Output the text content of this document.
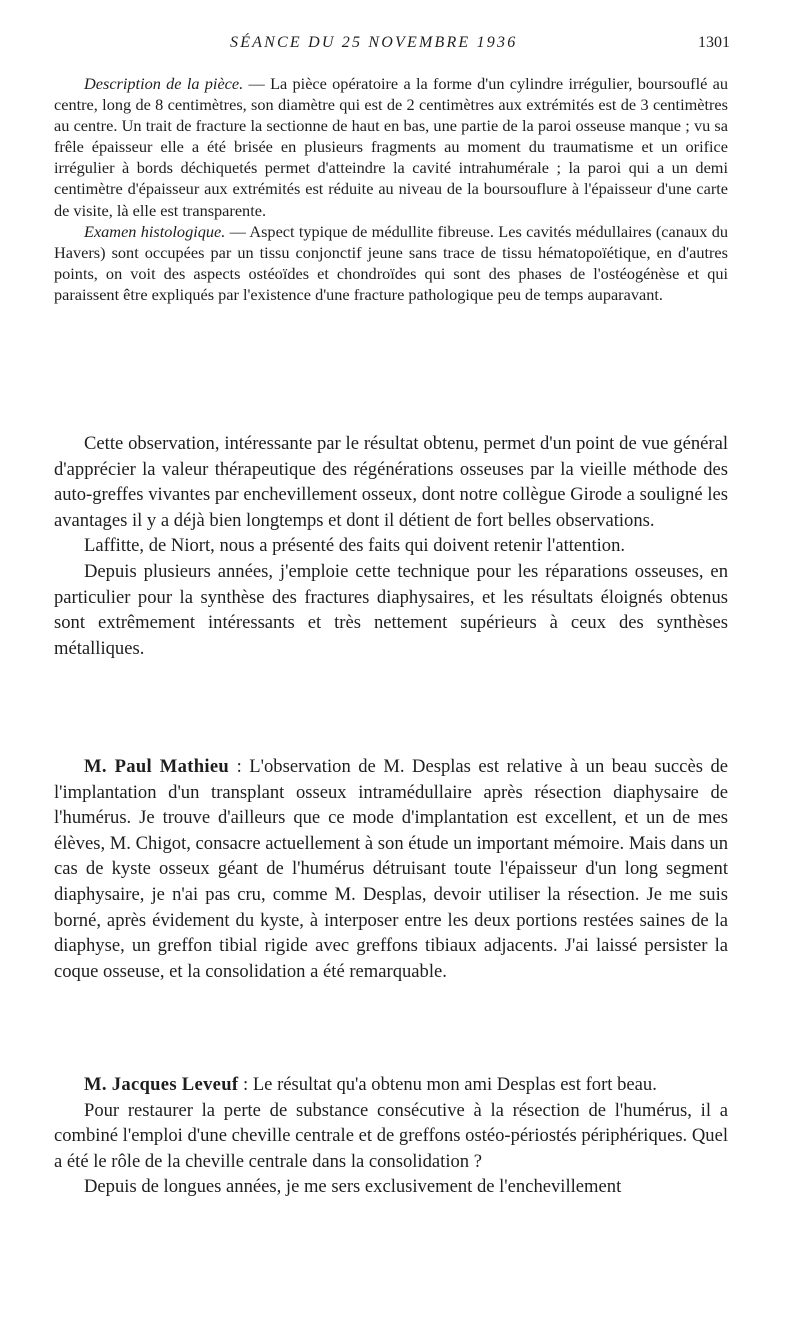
SÉANCE DU 25 NOVEMBRE 1936	1301

Description de la pièce. — La pièce opératoire a la forme d'un cylindre irrégulier, boursouflé au centre, long de 8 centimètres, son diamètre qui est de 2 centimètres aux extrémités est de 3 centimètres au centre. Un trait de fracture la sectionne de haut en bas, une partie de la paroi osseuse manque ; vu sa frêle épaisseur elle a été brisée en plusieurs fragments au moment du traumatisme et un orifice irrégulier à bords déchiquetés permet d'atteindre la cavité intrahumérale ; la paroi qui a un demi centimètre d'épaisseur aux extrémités est réduite au niveau de la boursouflure à l'épaisseur d'une carte de visite, là elle est transparente.

Examen histologique. — Aspect typique de médullite fibreuse. Les cavités médullaires (canaux du Havers) sont occupées par un tissu conjonctif jeune sans trace de tissu hématopoïétique, en d'autres points, on voit des aspects ostéoïdes et chondroïdes qui sont des phases de l'ostéogénèse et qui paraissent être expliqués par l'existence d'une fracture pathologique peu de temps auparavant.

Cette observation, intéressante par le résultat obtenu, permet d'un point de vue général d'apprécier la valeur thérapeutique des régénérations osseuses par la vieille méthode des auto-greffes vivantes par enchevillement osseux, dont notre collègue Girode a souligné les avantages il y a déjà bien longtemps et dont il détient de fort belles observations.

Laffitte, de Niort, nous a présenté des faits qui doivent retenir l'attention.

Depuis plusieurs années, j'emploie cette technique pour les réparations osseuses, en particulier pour la synthèse des fractures diaphysaires, et les résultats éloignés obtenus sont extrêmement intéressants et très nettement supérieurs à ceux des synthèses métalliques.

M. Paul Mathieu : L'observation de M. Desplas est relative à un beau succès de l'implantation d'un transplant osseux intramédullaire après résection diaphysaire de l'humérus. Je trouve d'ailleurs que ce mode d'implantation est excellent, et un de mes élèves, M. Chigot, consacre actuellement à son étude un important mémoire. Mais dans un cas de kyste osseux géant de l'humérus détruisant toute l'épaisseur d'un long segment diaphysaire, je n'ai pas cru, comme M. Desplas, devoir utiliser la résection. Je me suis borné, après évidement du kyste, à interposer entre les deux portions restées saines de la diaphyse, un greffon tibial rigide avec greffons tibiaux adjacents. J'ai laissé persister la coque osseuse, et la consolidation a été remarquable.

M. Jacques Leveuf : Le résultat qu'a obtenu mon ami Desplas est fort beau.

Pour restaurer la perte de substance consécutive à la résection de l'humérus, il a combiné l'emploi d'une cheville centrale et de greffons ostéo-périostés périphériques. Quel a été le rôle de la cheville centrale dans la consolidation ?

Depuis de longues années, je me sers exclusivement de l'enchevillement
